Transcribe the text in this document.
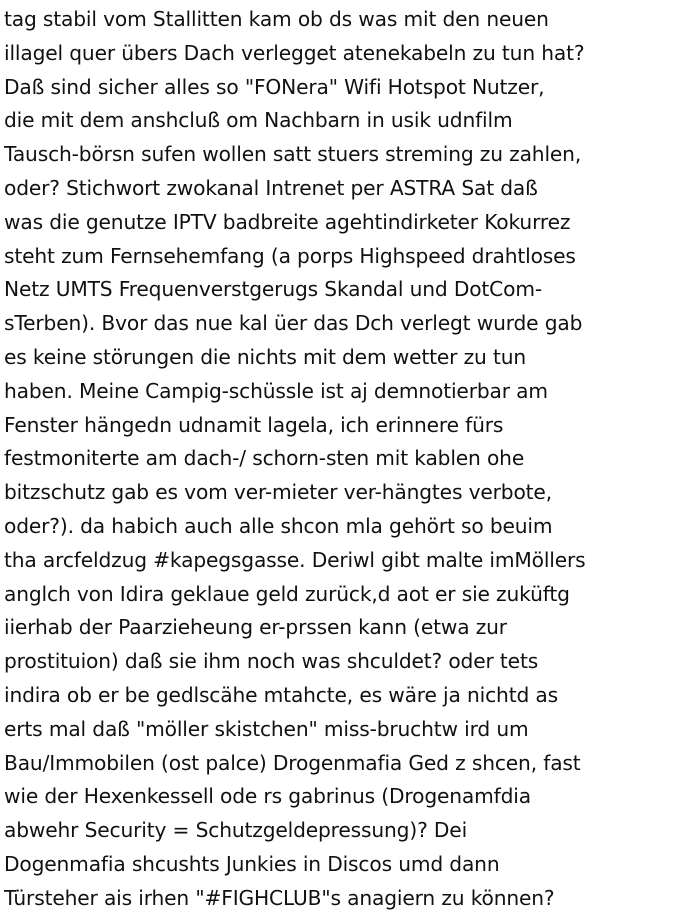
tag stabil vom Stallitten kam ob ds was mit den neuen
illagel quer übers Dach verlegget atenekabeln zu tun hat?
Daß sind sicher alles so "FONera" Wifi Hotspot Nutzer,
die mit dem anshcluß om Nachbarn in usik udnfilm
Tausch-börsn sufen wollen satt stuers streming zu zahlen,
oder? Stichwort zwokanal Intrenet per ASTRA Sat daß
was die genutze IPTV badbreite agehtindirketer Kokurrez
steht zum Fernsehemfang (a porps Highspeed drahtloses
Netz UMTS Frequenverstgerugs Skandal und DotCom-
sTerben). Bvor das nue kal üer das Dch verlegt wurde gab
es keine störungen die nichts mit dem wetter zu tun
haben. Meine Campig-schüssle ist aj demnotierbar am
Fenster hängedn udnamit lagela, ich erinnere fürs
festmoniterte am dach-/ schorn-sten mit kablen ohe
bitzschutz gab es vom ver-mieter ver-hängtes verbote,
oder?). da habich auch alle shcon mla gehört so beuim
tha arcfeldzug #kapegsgasse. Deriwl gibt malte imMöllers
anglch von Idira geklaue geld zurück,d aot er sie zuküftg
iierhab der Paarzieheung er-prssen kann (etwa zur
prostituion) daß sie ihm noch was shculdet? oder tets
indira ob er be gedlscähe mtahcte, es wäre ja nichtd as
erts mal daß "möller skistchen" miss-bruchtw ird um
Bau/Immobilen (ost palce) Drogenmafia Ged z shcen, fast
wie der Hexenkessell ode rs gabrinus (Drogenamfdia
abwehr Security = Schutzgeldepressung)? Dei
Dogenmafia shcushts Junkies in Discos umd dann
Türsteher ais irhen "#FIGHCLUB"s anagiern zu können?
